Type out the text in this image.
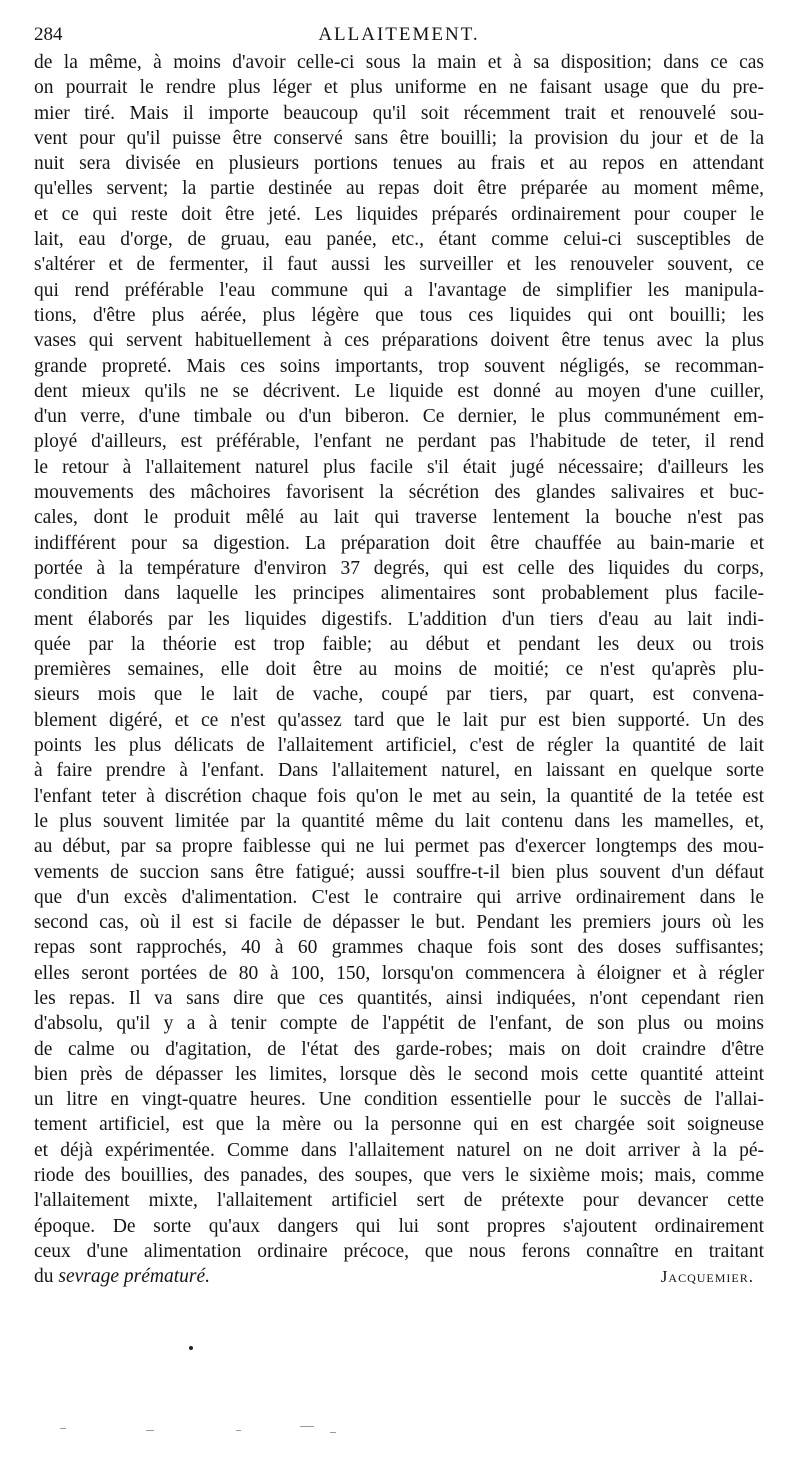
284	ALLAITEMENT.

de la même, à moins d'avoir celle-ci sous la main et à sa disposition; dans ce cas
on pourrait le rendre plus léger et plus uniforme en ne faisant usage que du pre-
mier tiré. Mais il importe beaucoup qu'il soit récemment trait et renouvelé sou-
vent pour qu'il puisse être conservé sans être bouilli; la provision du jour et de la
nuit sera divisée en plusieurs portions tenues au frais et au repos en attendant
qu'elles servent; la partie destinée au repas doit être préparée au moment même,
et ce qui reste doit être jeté. Les liquides préparés ordinairement pour couper le
lait, eau d'orge, de gruau, eau panée, etc., étant comme celui-ci susceptibles de
s'altérer et de fermenter, il faut aussi les surveiller et les renouveler souvent, ce
qui rend préférable l'eau commune qui a l'avantage de simplifier les manipula-
tions, d'être plus aérée, plus légère que tous ces liquides qui ont bouilli; les
vases qui servent habituellement à ces préparations doivent être tenus avec la plus
grande propreté. Mais ces soins importants, trop souvent négligés, se recomman-
dent mieux qu'ils ne se décrivent. Le liquide est donné au moyen d'une cuiller,
d'un verre, d'une timbale ou d'un biberon. Ce dernier, le plus communément em-
ployé d'ailleurs, est préférable, l'enfant ne perdant pas l'habitude de teter, il rend
le retour à l'allaitement naturel plus facile s'il était jugé nécessaire; d'ailleurs les
mouvements des mâchoires favorisent la sécrétion des glandes salivaires et buc-
cales, dont le produit mêlé au lait qui traverse lentement la bouche n'est pas
indifférent pour sa digestion. La préparation doit être chauffée au bain-marie et
portée à la température d'environ 37 degrés, qui est celle des liquides du corps,
condition dans laquelle les principes alimentaires sont probablement plus facile-
ment élaborés par les liquides digestifs. L'addition d'un tiers d'eau au lait indi-
quée par la théorie est trop faible; au début et pendant les deux ou trois
premières semaines, elle doit être au moins de moitié; ce n'est qu'après plu-
sieurs mois que le lait de vache, coupé par tiers, par quart, est convena-
blement digéré, et ce n'est qu'assez tard que le lait pur est bien supporté. Un des
points les plus délicats de l'allaitement artificiel, c'est de régler la quantité de lait
à faire prendre à l'enfant. Dans l'allaitement naturel, en laissant en quelque sorte
l'enfant teter à discrétion chaque fois qu'on le met au sein, la quantité de la tetée est
le plus souvent limitée par la quantité même du lait contenu dans les mamelles, et,
au début, par sa propre faiblesse qui ne lui permet pas d'exercer longtemps des mou-
vements de succion sans être fatigué; aussi souffre-t-il bien plus souvent d'un défaut
que d'un excès d'alimentation. C'est le contraire qui arrive ordinairement dans le
second cas, où il est si facile de dépasser le but. Pendant les premiers jours où les
repas sont rapprochés, 40 à 60 grammes chaque fois sont des doses suffisantes;
elles seront portées de 80 à 100, 150, lorsqu'on commencera à éloigner et à régler
les repas. Il va sans dire que ces quantités, ainsi indiquées, n'ont cependant rien
d'absolu, qu'il y a à tenir compte de l'appétit de l'enfant, de son plus ou moins
de calme ou d'agitation, de l'état des garde-robes; mais on doit craindre d'être
bien près de dépasser les limites, lorsque dès le second mois cette quantité atteint
un litre en vingt-quatre heures. Une condition essentielle pour le succès de l'allai-
tement artificiel, est que la mère ou la personne qui en est chargée soit soigneuse
et déjà expérimentée. Comme dans l'allaitement naturel on ne doit arriver à la pé-
riode des bouillies, des panades, des soupes, que vers le sixième mois; mais, comme
l'allaitement mixte, l'allaitement artificiel sert de prétexte pour devancer cette
époque. De sorte qu'aux dangers qui lui sont propres s'ajoutent ordinairement
ceux d'une alimentation ordinaire précoce, que nous ferons connaître en traitant

du sevrage prématuré.	Jacquemier.
